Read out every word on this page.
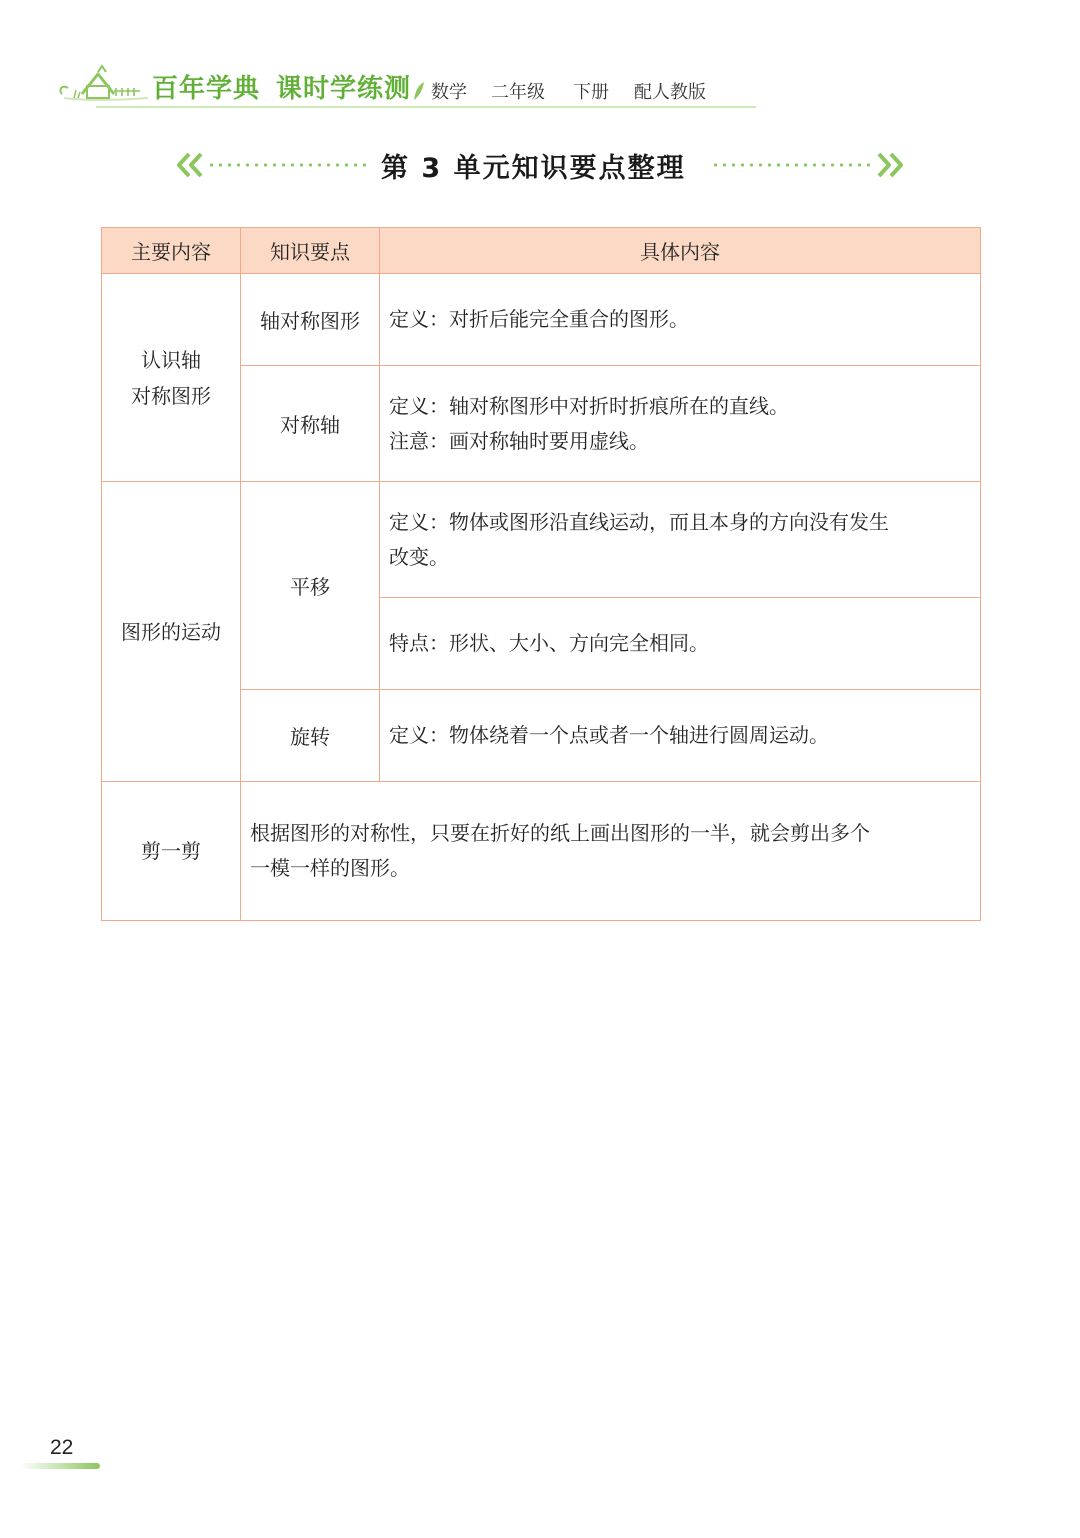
百年学典 课时学练测 数学 二年级 下册 配人教版
第 3 单元知识要点整理
主要内容	知识要点	具体内容

认识轴
对称图形	轴对称图形	定义：对折后能完全重合的图形。

	对称轴	定义：轴对称图形中对折时折痕所在的直线。
注意：画对称轴时要用虚线。

图形的运动	平移	定义：物体或图形沿直线运动，而且本身的方向没有发生
改变。

		特点：形状、大小、方向完全相同。

	旋转	定义：物体绕着一个点或者一个轴进行圆周运动。

剪一剪	根据图形的对称性，只要在折好的纸上画出图形的一半，就会剪出多个
一模一样的图形。	
22
